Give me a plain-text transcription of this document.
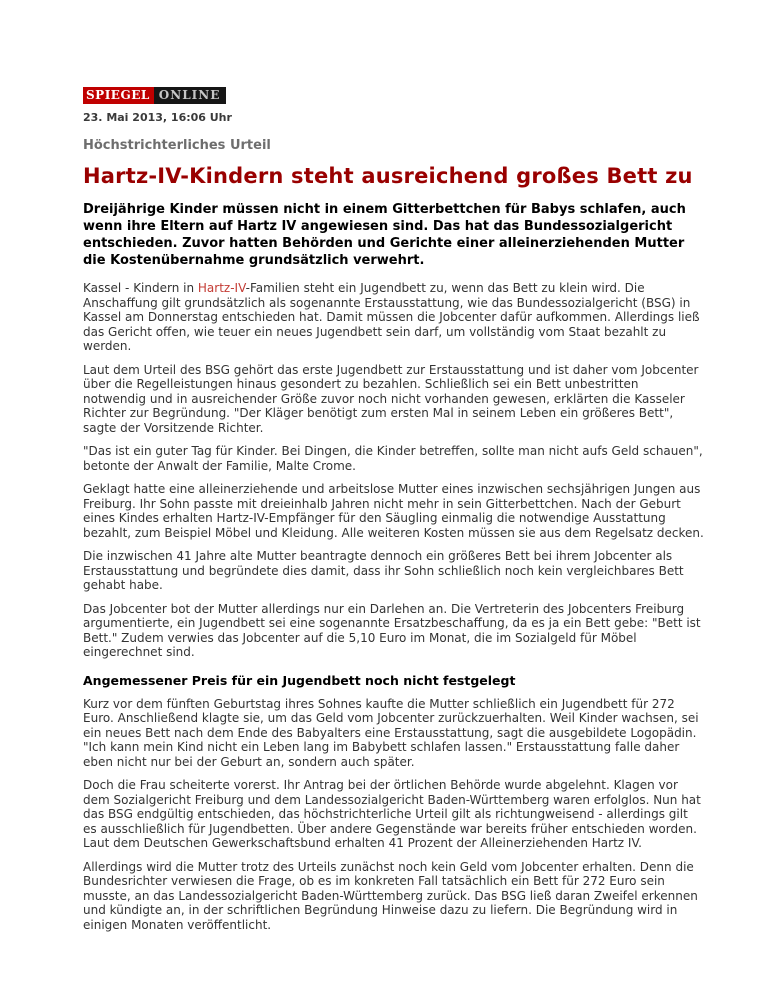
SPIEGEL ONLINE
23. Mai 2013, 16:06 Uhr
Höchstrichterliches Urteil
Hartz-IV-Kindern steht ausreichend großes Bett zu

Dreijährige Kinder müssen nicht in einem Gitterbettchen für Babys schlafen, auch wenn ihre Eltern auf Hartz IV angewiesen sind. Das hat das Bundessozialgericht entschieden. Zuvor hatten Behörden und Gerichte einer alleinerziehenden Mutter die Kostenübernahme grundsätzlich verwehrt.

Kassel - Kindern in Hartz-IV-Familien steht ein Jugendbett zu, wenn das Bett zu klein wird. Die Anschaffung gilt grundsätzlich als sogenannte Erstausstattung, wie das Bundessozialgericht (BSG) in Kassel am Donnerstag entschieden hat. Damit müssen die Jobcenter dafür aufkommen. Allerdings ließ das Gericht offen, wie teuer ein neues Jugendbett sein darf, um vollständig vom Staat bezahlt zu werden.

Laut dem Urteil des BSG gehört das erste Jugendbett zur Erstausstattung und ist daher vom Jobcenter über die Regelleistungen hinaus gesondert zu bezahlen. Schließlich sei ein Bett unbestritten notwendig und in ausreichender Größe zuvor noch nicht vorhanden gewesen, erklärten die Kasseler Richter zur Begründung. "Der Kläger benötigt zum ersten Mal in seinem Leben ein größeres Bett", sagte der Vorsitzende Richter.

"Das ist ein guter Tag für Kinder. Bei Dingen, die Kinder betreffen, sollte man nicht aufs Geld schauen", betonte der Anwalt der Familie, Malte Crome.

Geklagt hatte eine alleinerziehende und arbeitslose Mutter eines inzwischen sechsjährigen Jungen aus Freiburg. Ihr Sohn passte mit dreieinhalb Jahren nicht mehr in sein Gitterbettchen. Nach der Geburt eines Kindes erhalten Hartz-IV-Empfänger für den Säugling einmalig die notwendige Ausstattung bezahlt, zum Beispiel Möbel und Kleidung. Alle weiteren Kosten müssen sie aus dem Regelsatz decken.

Die inzwischen 41 Jahre alte Mutter beantragte dennoch ein größeres Bett bei ihrem Jobcenter als Erstausstattung und begründete dies damit, dass ihr Sohn schließlich noch kein vergleichbares Bett gehabt habe.

Das Jobcenter bot der Mutter allerdings nur ein Darlehen an. Die Vertreterin des Jobcenters Freiburg argumentierte, ein Jugendbett sei eine sogenannte Ersatzbeschaffung, da es ja ein Bett gebe: "Bett ist Bett." Zudem verwies das Jobcenter auf die 5,10 Euro im Monat, die im Sozialgeld für Möbel eingerechnet sind.

Angemessener Preis für ein Jugendbett noch nicht festgelegt

Kurz vor dem fünften Geburtstag ihres Sohnes kaufte die Mutter schließlich ein Jugendbett für 272 Euro. Anschließend klagte sie, um das Geld vom Jobcenter zurückzuerhalten. Weil Kinder wachsen, sei ein neues Bett nach dem Ende des Babyalters eine Erstausstattung, sagt die ausgebildete Logopädin. "Ich kann mein Kind nicht ein Leben lang im Babybett schlafen lassen." Erstausstattung falle daher eben nicht nur bei der Geburt an, sondern auch später.

Doch die Frau scheiterte vorerst. Ihr Antrag bei der örtlichen Behörde wurde abgelehnt. Klagen vor dem Sozialgericht Freiburg und dem Landessozialgericht Baden-Württemberg waren erfolglos. Nun hat das BSG endgültig entschieden, das höchstrichterliche Urteil gilt als richtungweisend - allerdings gilt es ausschließlich für Jugendbetten. Über andere Gegenstände war bereits früher entschieden worden. Laut dem Deutschen Gewerkschaftsbund erhalten 41 Prozent der Alleinerziehenden Hartz IV.

Allerdings wird die Mutter trotz des Urteils zunächst noch kein Geld vom Jobcenter erhalten. Denn die Bundesrichter verwiesen die Frage, ob es im konkreten Fall tatsächlich ein Bett für 272 Euro sein musste, an das Landessozialgericht Baden-Württemberg zurück. Das BSG ließ daran Zweifel erkennen und kündigte an, in der schriftlichen Begründung Hinweise dazu zu liefern. Die Begründung wird in einigen Monaten veröffentlicht.
